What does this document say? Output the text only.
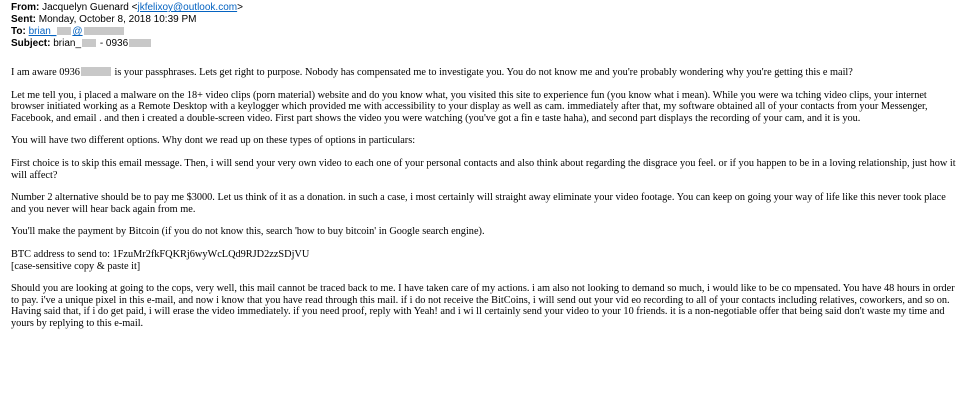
From: Jacquelyn Guenard <jkfelixoy@outlook.com>
Sent: Monday, October 8, 2018 10:39 PM
To: brian_ @
Subject: brian_ - 0936

I am aware 0936	is your passphrases. Lets get right to purpose. Nobody has compensated me to investigate you. You do not know me and you're probably wondering why you're getting this e mail?

Let me tell you, i placed a malware on the 18+ video clips (porn material) website and do you know what, you visited this site to experience fun (you know what i mean). While you were wa tching video clips, your internet browser initiated working as a Remote Desktop with a keylogger which provided me with accessibility to your display as well as cam. immediately after that, my software obtained all of your contacts from your Messenger, Facebook, and email . and then i created a double-screen video. First part shows the video you were watching (you've got a fin e taste haha), and second part displays the recording of your cam, and it is you.

You will have two different options. Why dont we read up on these types of options in particulars:

First choice is to skip this email message. Then, i will send your very own video to each one of your personal contacts and also think about regarding the disgrace you feel. or if you happen to be in a loving relationship, just how it will affect?

Number 2 alternative should be to pay me $3000. Let us think of it as a donation. in such a case, i most certainly will straight away eliminate your video footage. You can keep on going your way of life like this never took place and you never will hear back again from me.

You'll make the payment by Bitcoin (if you do not know this, search 'how to buy bitcoin' in Google search engine).

BTC address to send to: 1FzuMr2fkFQKRj6wyWcLQd9RJD2zzSDjVU

[case-sensitive copy & paste it]

Should you are looking at going to the cops, very well, this mail cannot be traced back to me. I have taken care of my actions. i am also not looking to demand so much, i would like to be co mpensated. You have 48 hours in order to pay. i've a unique pixel in this e-mail, and now i know that you have read through this mail. if i do not receive the BitCoins, i will send out your vid eo recording to all of your contacts including relatives, coworkers, and so on. Having said that, if i do get paid, i will erase the video immediately. if you need proof, reply with Yeah! and i wi ll certainly send your video to your 10 friends. it is a non-negotiable offer that being said don't waste my time and yours by replying to this e-mail.
